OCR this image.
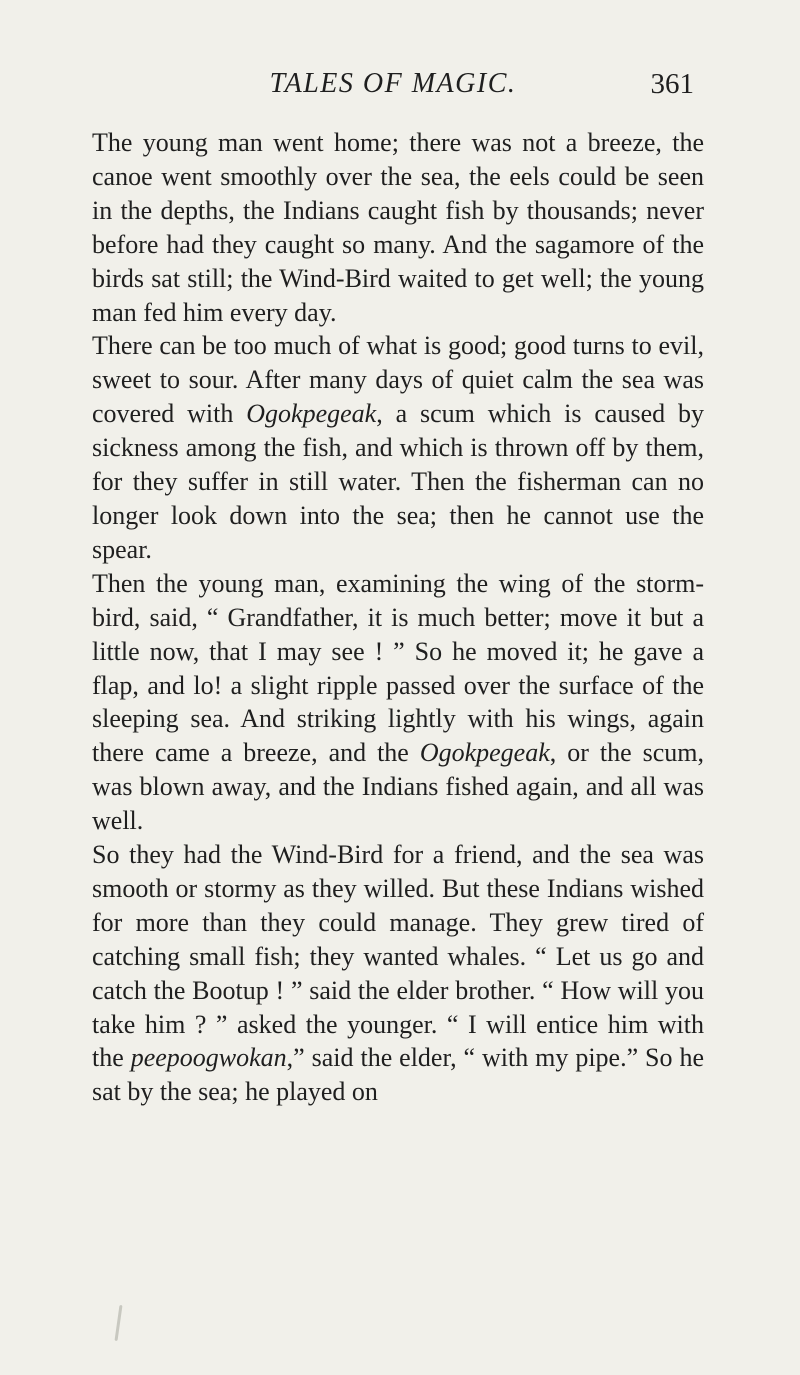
TALES OF MAGIC.	361

The young man went home; there was not a breeze, the canoe went smoothly over the sea, the eels could be seen in the depths, the Indians caught fish by thousands; never before had they caught so many. And the sagamore of the birds sat still; the Wind-Bird waited to get well; the young man fed him every day.

There can be too much of what is good; good turns to evil, sweet to sour. After many days of quiet calm the sea was covered with Ogokpegeak, a scum which is caused by sickness among the fish, and which is thrown off by them, for they suffer in still water. Then the fisherman can no longer look down into the sea; then he cannot use the spear.

Then the young man, examining the wing of the storm-bird, said, “ Grandfather, it is much better; move it but a little now, that I may see ! ” So he moved it; he gave a flap, and lo! a slight ripple passed over the surface of the sleeping sea. And striking lightly with his wings, again there came a breeze, and the Ogokpegeak, or the scum, was blown away, and the Indians fished again, and all was well.

So they had the Wind-Bird for a friend, and the sea was smooth or stormy as they willed. But these Indians wished for more than they could manage. They grew tired of catching small fish; they wanted whales. “ Let us go and catch the Bootup ! ” said the elder brother. “ How will you take him ? ” asked the younger. “ I will entice him with the peepoogwokan,” said the elder, “ with my pipe.” So he sat by the sea; he played on
